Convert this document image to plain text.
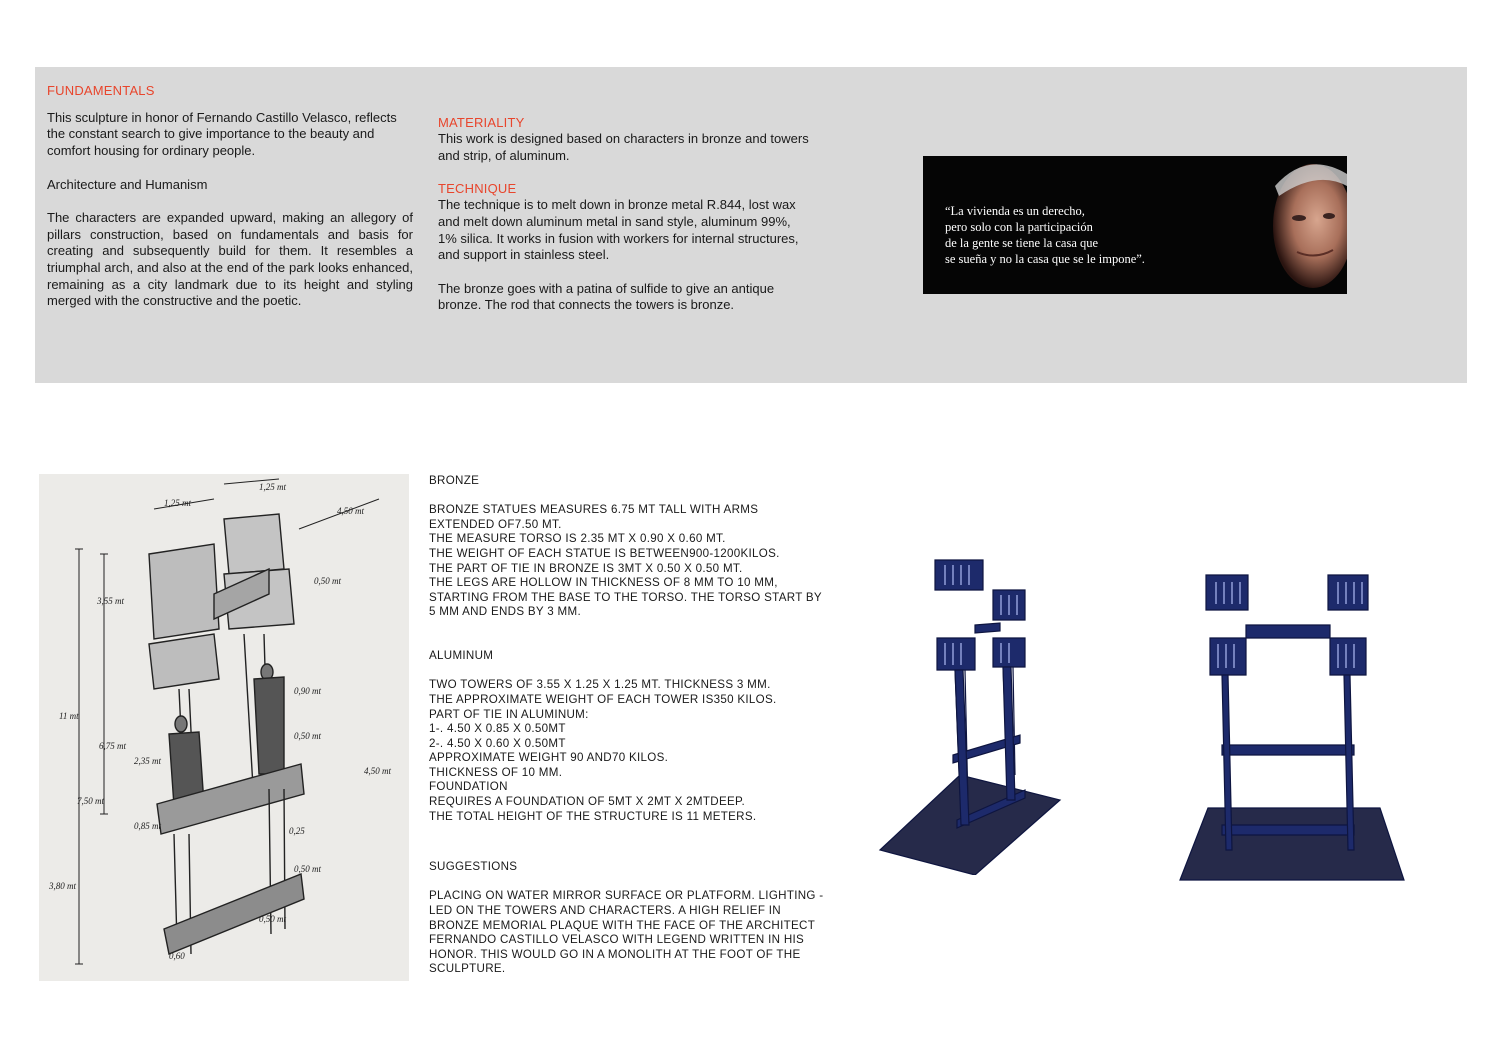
FUNDAMENTALS

This sculpture in honor of Fernando Castillo Velasco, reflects the constant search to give importance to the beauty and comfort housing for ordinary people.

Architecture and Humanism

The characters are expanded upward, making an allegory of pillars construction, based on fundamentals and basis for creating and subsequently build for them. It resembles a triumphal arch, and also at the end of the park looks enhanced, remaining as a city landmark due to its height and styling merged with the constructive and the poetic.

MATERIALITY

This work is designed based on characters in bronze and towers and strip, of aluminum.

TECHNIQUE

The technique is to melt down in bronze metal R.844, lost wax and melt down aluminum metal in sand style, aluminum 99%, 1% silica. It works in fusion with workers for internal structures, and support in stainless steel.

The bronze goes with a patina of sulfide to give an antique bronze. The rod that connects the towers is bronze.

“La vivienda es un derecho,
pero solo con la participación
de la gente se tiene la casa que
se sueña y no la casa que se le impone”.
1,25 mt
1,25 mt
4,50 mt
3,55 mt
0,50 mt
11 mt
6,75 mt
2,35 mt
0,90 mt
0,50 mt
4,50 mt
7,50 mt
0,85 mt	0,25
0,50 mt
3,80 mt
0,50 mt
0,60
BRONZE
BRONZE STATUES MEASURES 6.75 MT TALL WITH ARMS EXTENDED OF7.50 MT.
THE MEASURE TORSO IS 2.35 MT X 0.90 X 0.60 MT.
THE WEIGHT OF EACH STATUE IS BETWEEN900-1200KILOS.
THE PART OF TIE IN BRONZE IS 3MT X 0.50 X 0.50 MT.
THE LEGS ARE HOLLOW IN THICKNESS OF 8 MM TO 10 MM, STARTING FROM THE BASE TO THE TORSO. THE TORSO START BY 5 MM AND ENDS BY 3 MM.
ALUMINUM
TWO TOWERS OF 3.55 X 1.25 X 1.25 MT. THICKNESS 3 MM.
THE APPROXIMATE WEIGHT OF EACH TOWER IS350 KILOS.
PART OF TIE IN ALUMINUM:
1-. 4.50 X 0.85 X 0.50MT
2-. 4.50 X 0.60 X 0.50MT
APPROXIMATE WEIGHT 90 AND70 KILOS.
THICKNESS OF 10 MM.
FOUNDATION
REQUIRES A FOUNDATION OF 5MT X 2MT X 2MTDEEP.
THE TOTAL HEIGHT OF THE STRUCTURE IS 11 METERS.
SUGGESTIONS
PLACING ON WATER MIRROR SURFACE OR PLATFORM. LIGHTING - LED ON THE TOWERS AND CHARACTERS. A HIGH RELIEF IN BRONZE MEMORIAL PLAQUE WITH THE FACE OF THE ARCHITECT FERNANDO CASTILLO VELASCO WITH LEGEND WRITTEN IN HIS HONOR. THIS WOULD GO IN A MONOLITH AT THE FOOT OF THE SCULPTURE.
